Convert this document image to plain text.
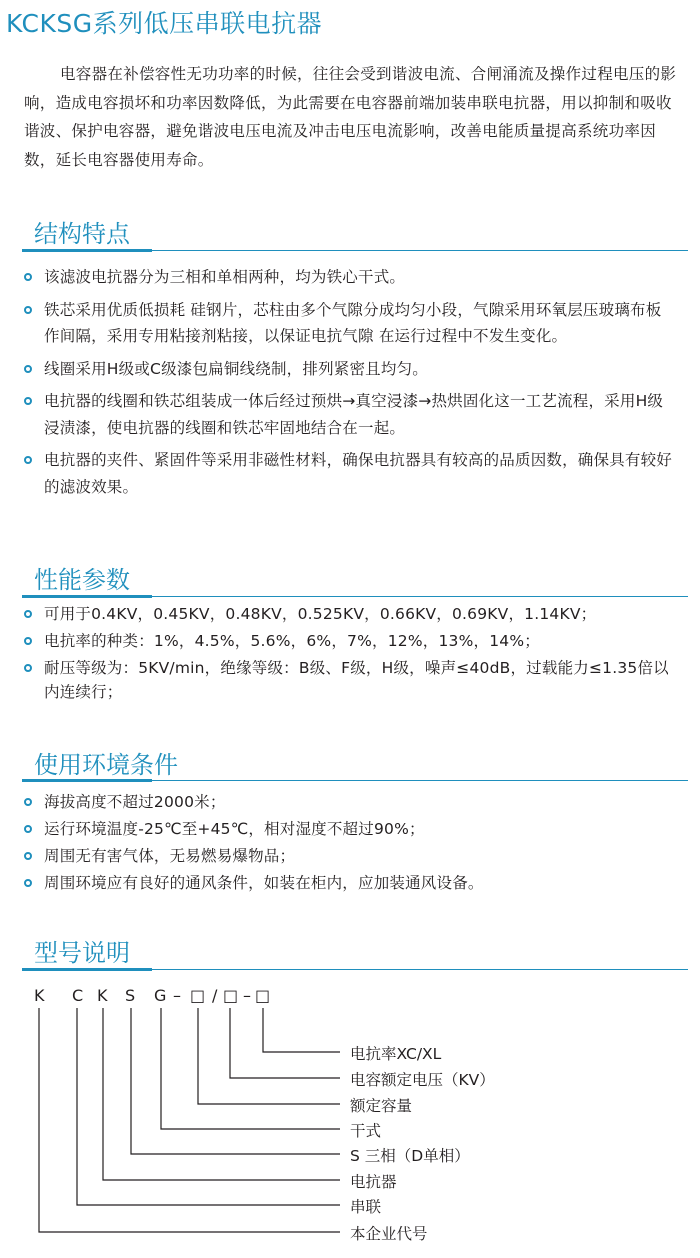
KCKSG系列低压串联电抗器
电容器在补偿容性无功功率的时候，往往会受到谐波电流、合闸涌流及操作过程电压的影响，造成电容损坏和功率因数降低，为此需要在电容器前端加装串联电抗器，用以抑制和吸收谐波、保护电容器，避免谐波电压电流及冲击电压电流影响，改善电能质量提高系统功率因数，延长电容器使用寿命。
结构特点
该滤波电抗器分为三相和单相两种，均为铁心干式。
铁芯采用优质低损耗 硅钢片，芯柱由多个气隙分成均匀小段，气隙采用环氧层压玻璃布板作间隔，采用专用粘接剂粘接，以保证电抗气隙 在运行过程中不发生变化。
线圈采用H级或C级漆包扁铜线绕制，排列紧密且均匀。
电抗器的线圈和铁芯组装成一体后经过预烘→真空浸漆→热烘固化这一工艺流程，采用H级浸渍漆，使电抗器的线圈和铁芯牢固地结合在一起。
电抗器的夹件、紧固件等采用非磁性材料，确保电抗器具有较高的品质因数，确保具有较好的滤波效果。
性能参数
可用于0.4KV，0.45KV，0.48KV，0.525KV，0.66KV，0.69KV，1.14KV；
电抗率的种类：1%，4.5%，5.6%，6%，7%，12%，13%，14%；
耐压等级为：5KV/min，绝缘等级：B级、F级，H级，噪声≤40dB，过载能力≤1.35倍以内连续行；
使用环境条件
海拔高度不超过2000米；
运行环境温度-25℃至+45℃，相对湿度不超过90%；
周围无有害气体，无易燃易爆物品；
周围环境应有良好的通风条件，如装在柜内，应加装通风设备。
型号说明
K C K S G – □ / □ – □
电抗率XC/XL
电容额定电压（KV）
额定容量
干式
S 三相（D单相）
电抗器
串联
本企业代号
